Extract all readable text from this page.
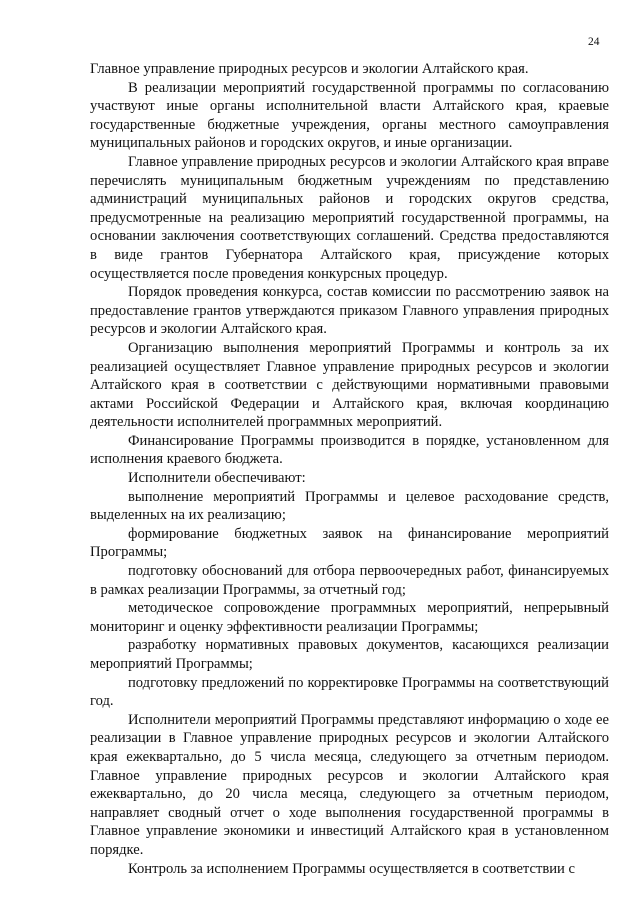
24

Главное управление природных ресурсов и экологии Алтайского края.

В реализации мероприятий государственной программы по согласованию участвуют иные органы исполнительной власти Алтайского края, краевые государственные бюджетные учреждения, органы местного самоуправления муниципальных районов и городских округов, и иные организации.

Главное управление природных ресурсов и экологии Алтайского края вправе перечислять муниципальным бюджетным учреждениям по представлению администраций муниципальных районов и городских округов средства, предусмотренные на реализацию мероприятий государственной программы, на основании заключения соответствующих соглашений. Средства предоставляются в виде грантов Губернатора Алтайского края, присуждение которых осуществляется после проведения конкурсных процедур.

Порядок проведения конкурса, состав комиссии по рассмотрению заявок на предоставление грантов утверждаются приказом Главного управления природных ресурсов и экологии Алтайского края.

Организацию выполнения мероприятий Программы и контроль за их реализацией осуществляет Главное управление природных ресурсов и экологии Алтайского края в соответствии с действующими нормативными правовыми актами Российской Федерации и Алтайского края, включая координацию деятельности исполнителей программных мероприятий.

Финансирование Программы производится в порядке, установленном для исполнения краевого бюджета.

Исполнители обеспечивают:

выполнение мероприятий Программы и целевое расходование средств, выделенных на их реализацию;

формирование бюджетных заявок на финансирование мероприятий Программы;

подготовку обоснований для отбора первоочередных работ, финансируемых в рамках реализации Программы, за отчетный год;

методическое сопровождение программных мероприятий, непрерывный мониторинг и оценку эффективности реализации Программы;

разработку нормативных правовых документов, касающихся реализации мероприятий Программы;

подготовку предложений по корректировке Программы на соответствующий год.

Исполнители мероприятий Программы представляют информацию о ходе ее реализации в Главное управление природных ресурсов и экологии Алтайского края ежеквартально, до 5 числа месяца, следующего за отчетным периодом. Главное управление природных ресурсов и экологии Алтайского края ежеквартально, до 20 числа месяца, следующего за отчетным периодом, направляет сводный отчет о ходе выполнения государственной программы в Главное управление экономики и инвестиций Алтайского края в установленном порядке.

Контроль за исполнением Программы осуществляется в соответствии с
